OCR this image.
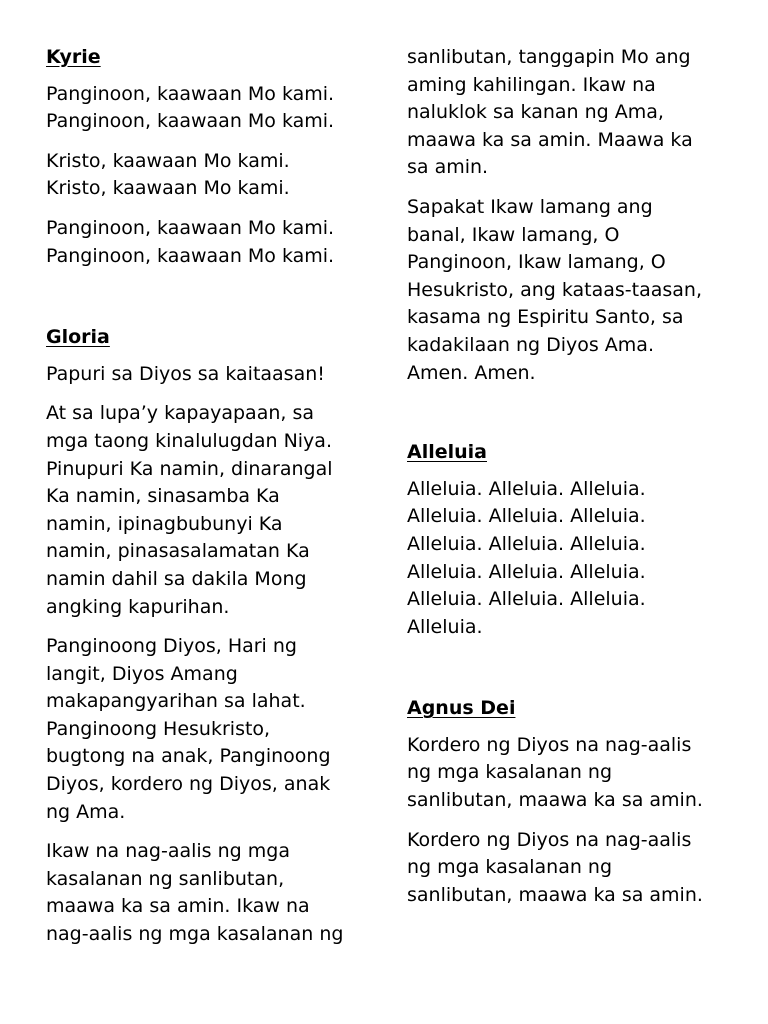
Kyrie

Panginoon, kaawaan Mo kami.
Panginoon, kaawaan Mo kami.

Kristo, kaawaan Mo kami.
Kristo, kaawaan Mo kami.

Panginoon, kaawaan Mo kami.
Panginoon, kaawaan Mo kami.

Gloria

Papuri sa Diyos sa kaitaasan!

At sa lupa’y kapayapaan, sa
mga taong kinalulugdan Niya.
Pinupuri Ka namin, dinarangal
Ka namin, sinasamba Ka
namin, ipinagbubunyi Ka
namin, pinasasalamatan Ka
namin dahil sa dakila Mong
angking kapurihan.

Panginoong Diyos, Hari ng
langit, Diyos Amang
makapangyarihan sa lahat.
Panginoong Hesukristo,
bugtong na anak, Panginoong
Diyos, kordero ng Diyos, anak
ng Ama.

Ikaw na nag-aalis ng mga
kasalanan ng sanlibutan,
maawa ka sa amin. Ikaw na
nag-aalis ng mga kasalanan ng

sanlibutan, tanggapin Mo ang
aming kahilingan. Ikaw na
naluklok sa kanan ng Ama,
maawa ka sa amin. Maawa ka
sa amin.

Sapakat Ikaw lamang ang
banal, Ikaw lamang, O
Panginoon, Ikaw lamang, O
Hesukristo, ang kataas-taasan,
kasama ng Espiritu Santo, sa
kadakilaan ng Diyos Ama.
Amen. Amen.

Alleluia

Alleluia. Alleluia. Alleluia.
Alleluia. Alleluia. Alleluia.
Alleluia. Alleluia. Alleluia.
Alleluia. Alleluia. Alleluia.
Alleluia. Alleluia. Alleluia.
Alleluia.

Agnus Dei

Kordero ng Diyos na nag-aalis
ng mga kasalanan ng
sanlibutan, maawa ka sa amin.

Kordero ng Diyos na nag-aalis
ng mga kasalanan ng
sanlibutan, maawa ka sa amin.
